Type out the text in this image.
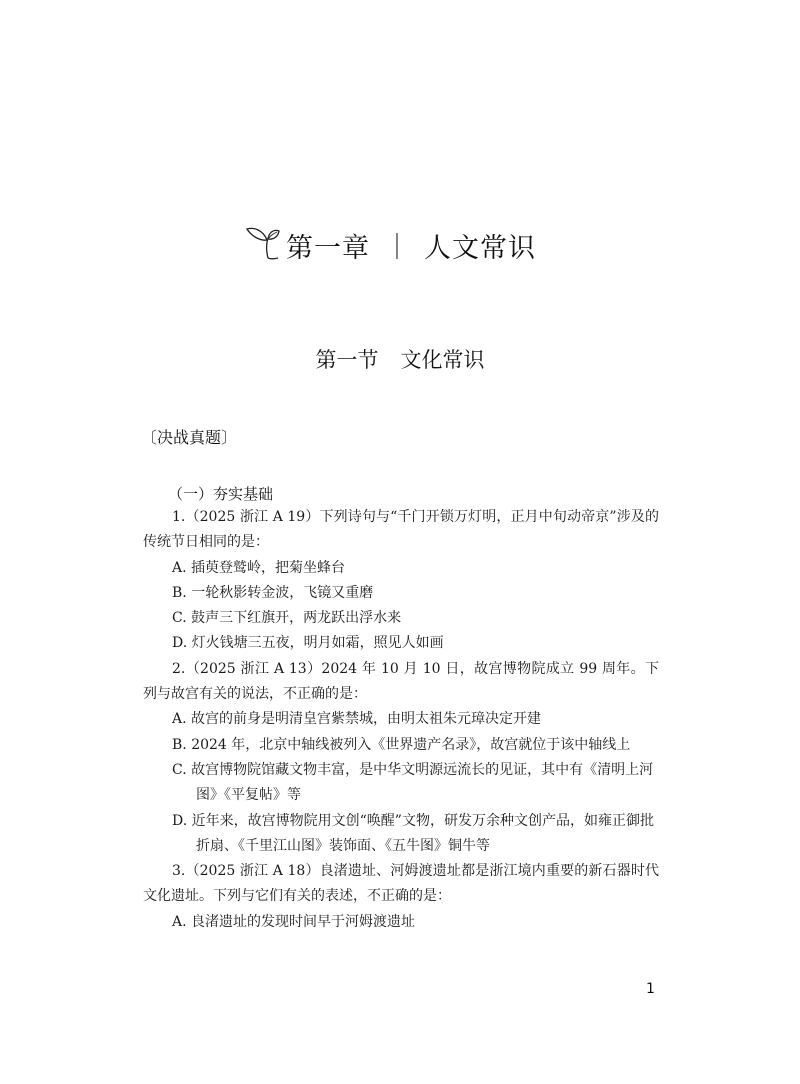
第一章 ｜ 人文常识
第一节 文化常识
〔决战真题〕
（一）夯实基础

1.（2025 浙江 A 19）下列诗句与“千门开锁万灯明，正月中旬动帝京”涉及的传统节日相同的是：

A. 插萸登鹫岭，把菊坐蜂台

B. 一轮秋影转金波，飞镜又重磨

C. 鼓声三下红旗开，两龙跃出浮水来

D. 灯火钱塘三五夜，明月如霜，照见人如画

2.（2025 浙江 A 13）2024 年 10 月 10 日，故宫博物院成立 99 周年。下列与故宫有关的说法，不正确的是：

A. 故宫的前身是明清皇宫紫禁城，由明太祖朱元璋决定开建

B. 2024 年，北京中轴线被列入《世界遗产名录》，故宫就位于该中轴线上

C. 故宫博物院馆藏文物丰富，是中华文明源远流长的见证，其中有《清明上河图》《平复帖》等

D. 近年来，故宫博物院用文创“唤醒”文物，研发万余种文创产品，如雍正御批折扇、《千里江山图》装饰面、《五牛图》铜牛等

3.（2025 浙江 A 18）良渚遗址、河姆渡遗址都是浙江境内重要的新石器时代文化遗址。下列与它们有关的表述，不正确的是：

A. 良渚遗址的发现时间早于河姆渡遗址

1
